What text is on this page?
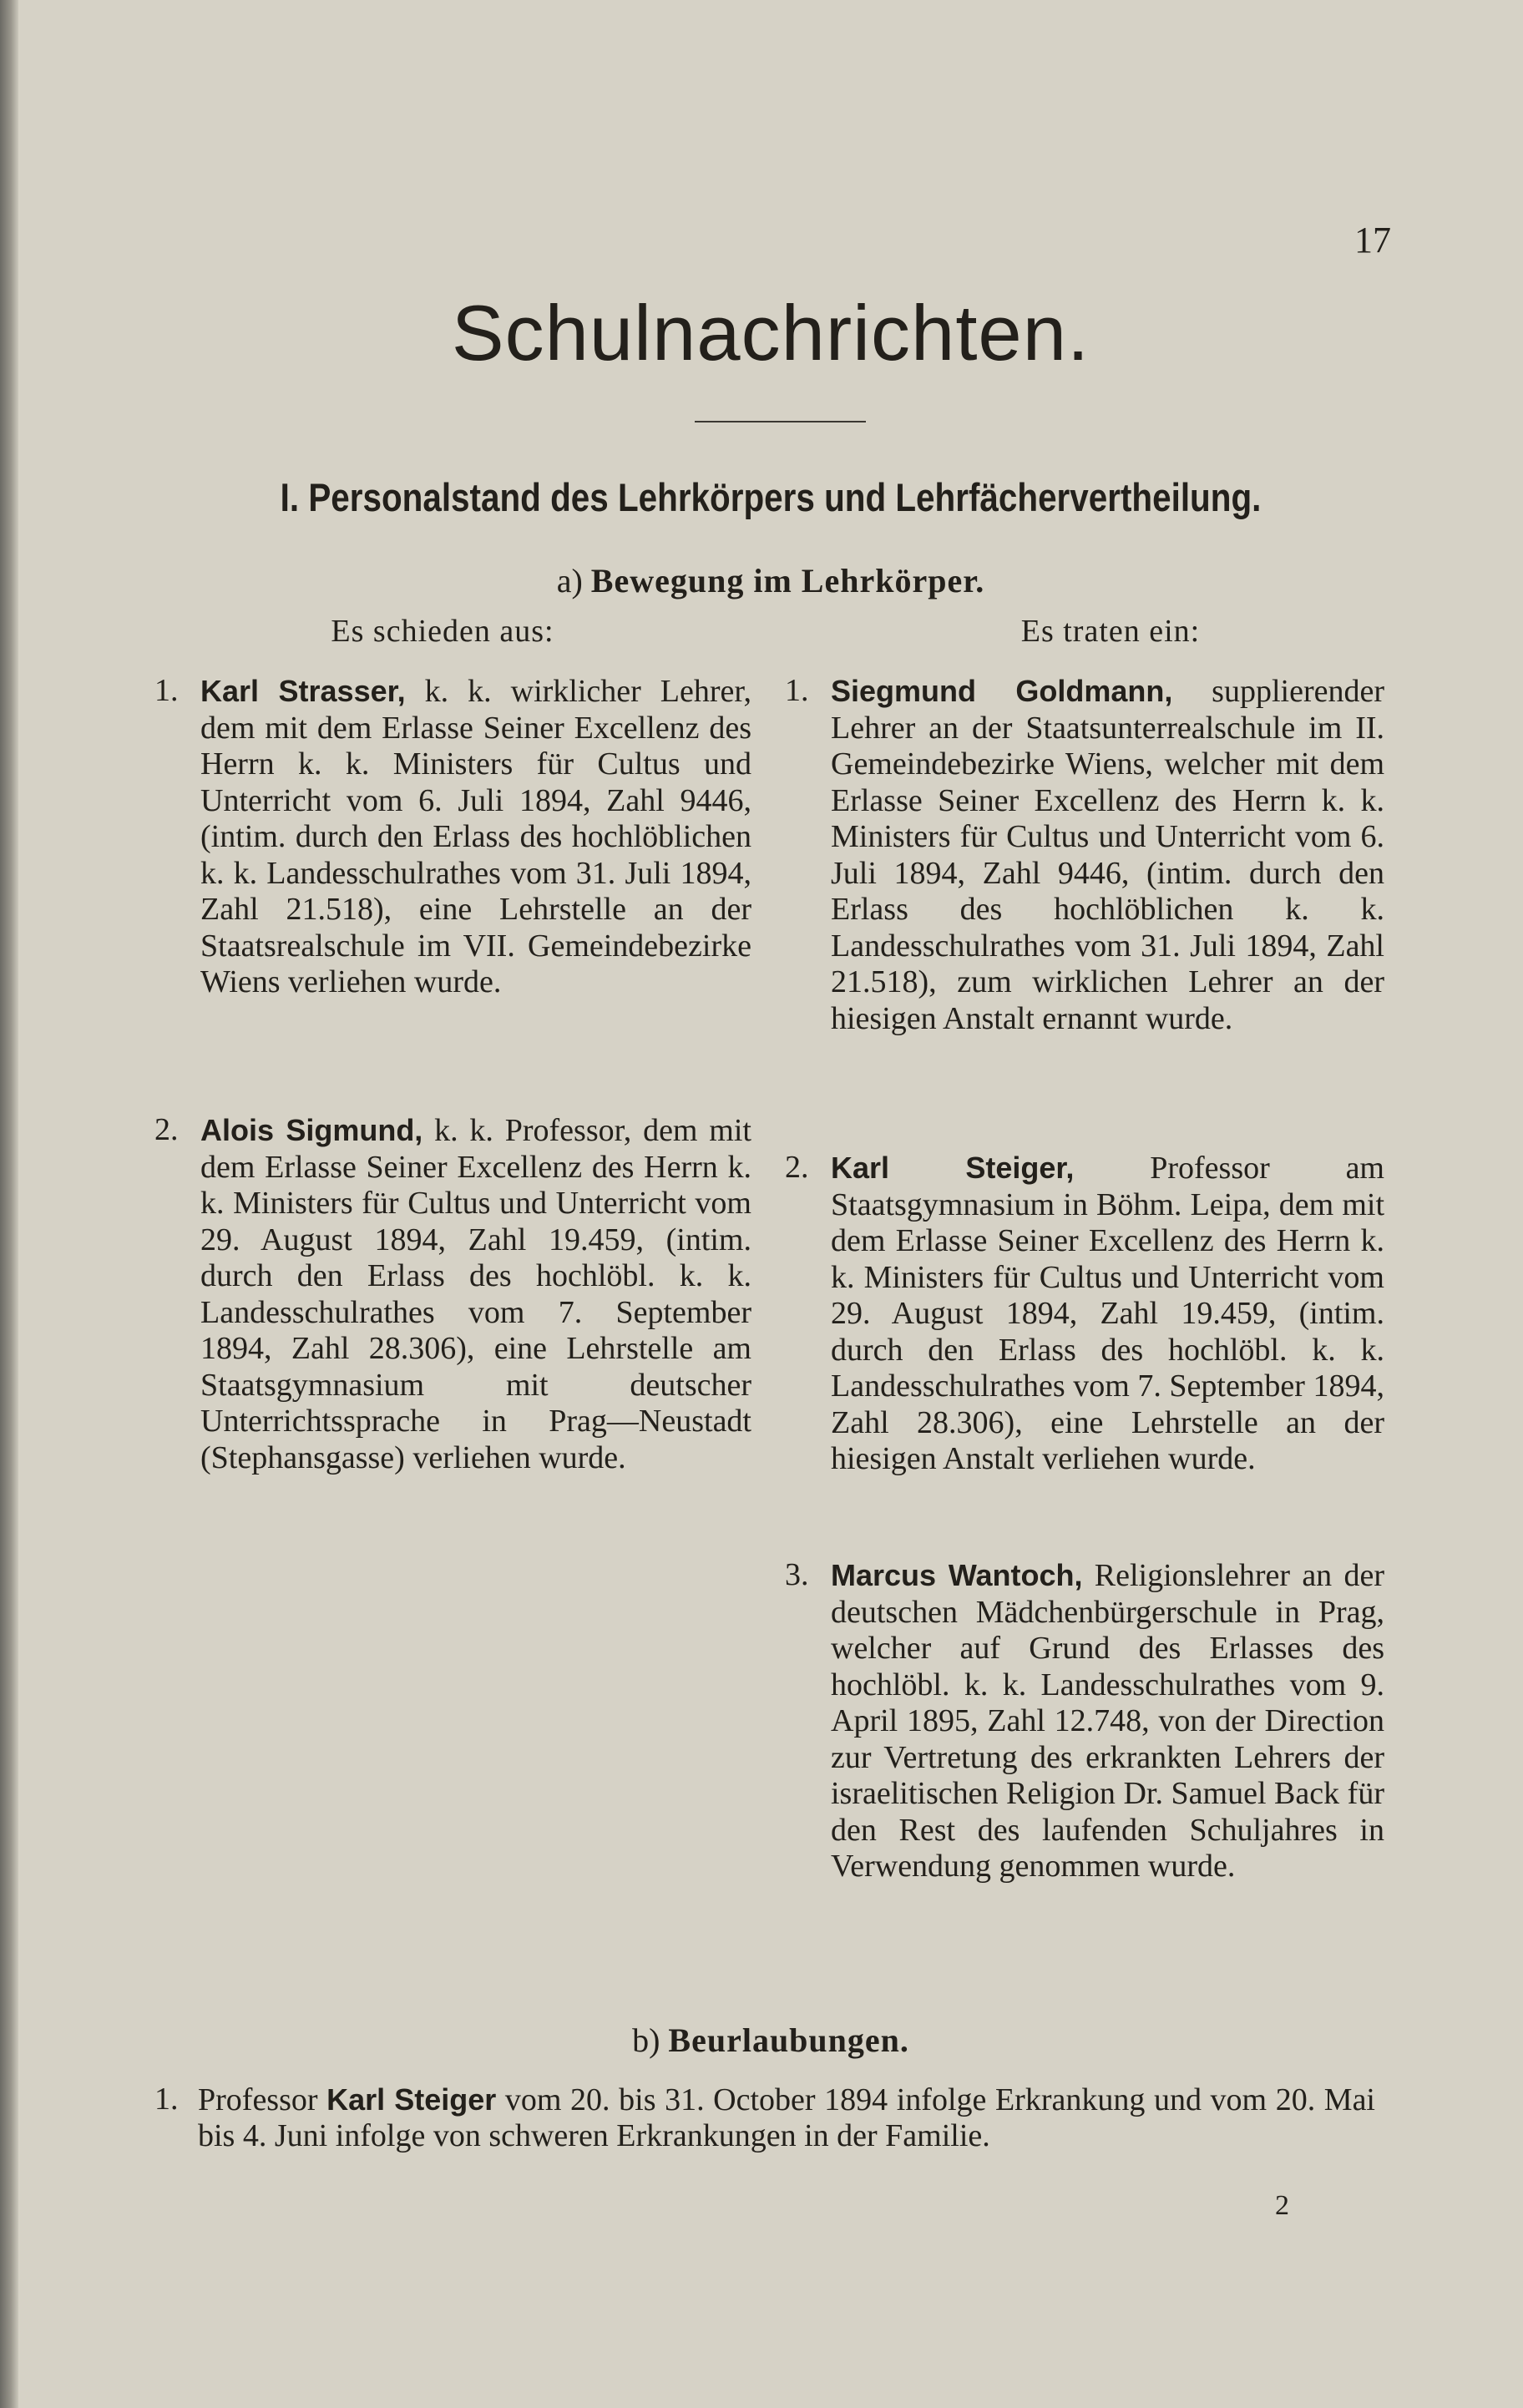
17
Schulnachrichten.
I. Personalstand des Lehrkörpers und Lehrfächervertheilung.
a) Bewegung im Lehrkörper.
Es schieden aus:
1. Karl Strasser, k. k. wirklicher Lehrer, dem mit dem Erlasse Seiner Excellenz des Herrn k. k. Ministers für Cultus und Unterricht vom 6. Juli 1894, Zahl 9446, (intim. durch den Erlass des hochlöblichen k. k. Landesschulrathes vom 31. Juli 1894, Zahl 21.518), eine Lehrstelle an der Staatsrealschule im VII. Gemeindebezirke Wiens verliehen wurde.
2. Alois Sigmund, k. k. Professor, dem mit dem Erlasse Seiner Excellenz des Herrn k. k. Ministers für Cultus und Unterricht vom 29. August 1894, Zahl 19.459, (intim. durch den Erlass des hochlöbl. k. k. Landesschulrathes vom 7. September 1894, Zahl 28.306), eine Lehrstelle am Staatsgymnasium mit deutscher Unterrichtssprache in Prag—Neustadt (Stephansgasse) verliehen wurde.
Es traten ein:
1. Siegmund Goldmann, supplierender Lehrer an der Staatsunterrealschule im II. Gemeindebezirke Wiens, welcher mit dem Erlasse Seiner Excellenz des Herrn k. k. Ministers für Cultus und Unterricht vom 6. Juli 1894, Zahl 9446, (intim. durch den Erlass des hochlöblichen k. k. Landesschulrathes vom 31. Juli 1894, Zahl 21.518), zum wirklichen Lehrer an der hiesigen Anstalt ernannt wurde.
2. Karl Steiger, Professor am Staatsgymnasium in Böhm. Leipa, dem mit dem Erlasse Seiner Excellenz des Herrn k. k. Ministers für Cultus und Unterricht vom 29. August 1894, Zahl 19.459, (intim. durch den Erlass des hochlöbl. k. k. Landesschulrathes vom 7. September 1894, Zahl 28.306), eine Lehrstelle an der hiesigen Anstalt verliehen wurde.
3. Marcus Wantoch, Religionslehrer an der deutschen Mädchenbürgerschule in Prag, welcher auf Grund des Erlasses des hochlöbl. k. k. Landesschulrathes vom 9. April 1895, Zahl 12.748, von der Direction zur Vertretung des erkrankten Lehrers der israelitischen Religion Dr. Samuel Back für den Rest des laufenden Schuljahres in Verwendung genommen wurde.
b) Beurlaubungen.
1. Professor Karl Steiger vom 20. bis 31. October 1894 infolge Erkrankung und vom 20. Mai bis 4. Juni infolge von schweren Erkrankungen in der Familie.
2
